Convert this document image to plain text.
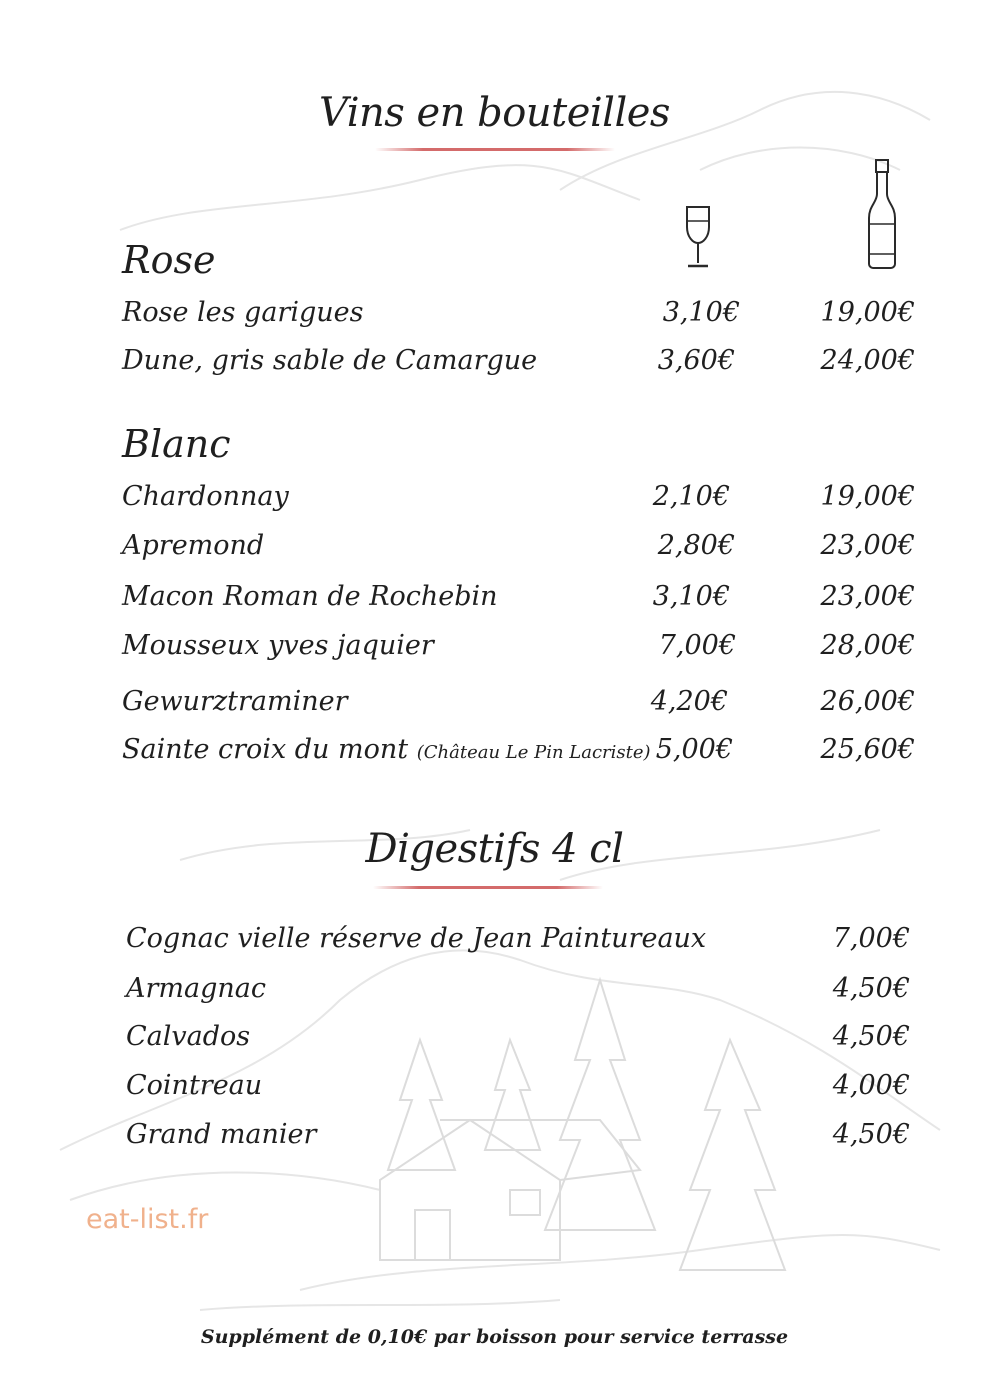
Vins en bouteilles
Rose
Rose les garigues	3,10€	19,00€
Dune, gris sable de Camargue	3,60€	24,00€
Blanc
Chardonnay	2,10€	19,00€
Apremond	2,80€	23,00€
Macon Roman de Rochebin	3,10€	23,00€
Mousseux yves jaquier	7,00€	28,00€
Gewurztraminer	4,20€	26,00€
Sainte croix du mont (Château Le Pin Lacriste) 5,00€	25,60€
Digestifs 4 cl
Cognac vielle réserve de Jean Paintureaux	7,00€
Armagnac	4,50€
Calvados	4,50€
Cointreau	4,00€
Grand manier	4,50€
eat-list.fr
Supplément de 0,10€ par boisson pour service terrasse
